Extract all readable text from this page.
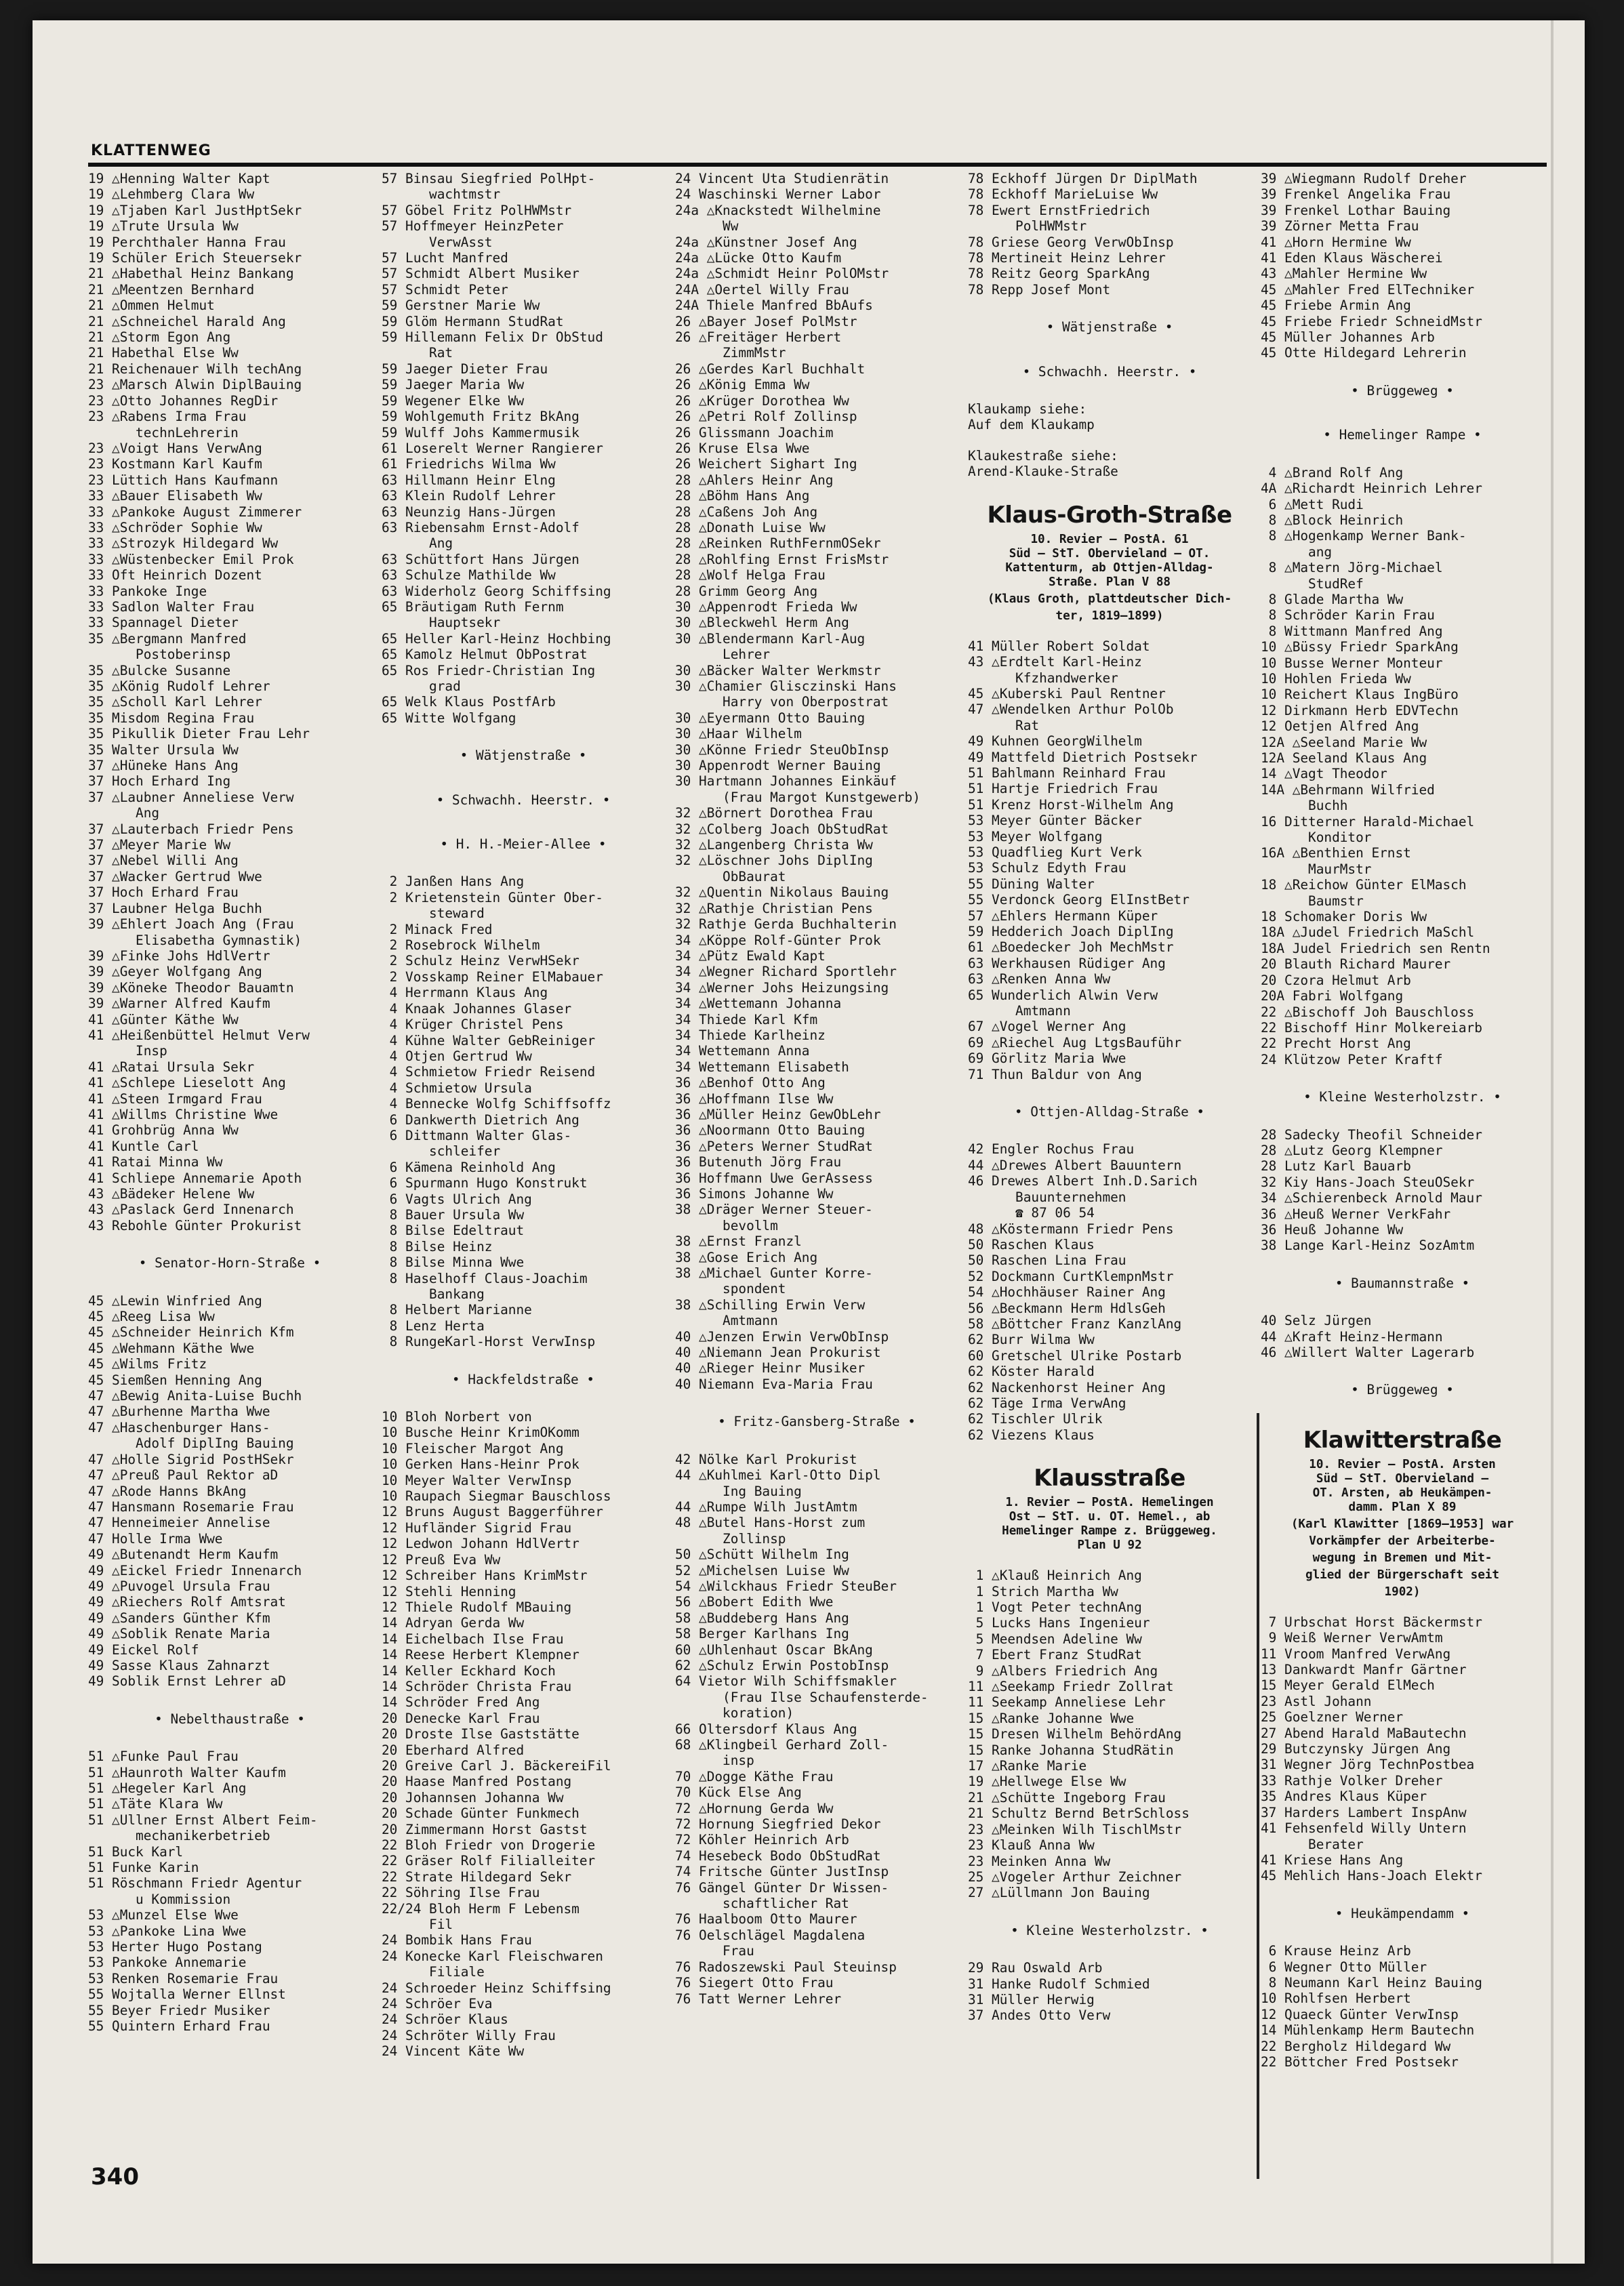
KLATTENWEG
19 △Henning Walter Kapt
19 △Lehmberg Clara Ww
19 △Tjaben Karl JustHptSekr
19 △Trute Ursula Ww
19 Perchthaler Hanna Frau
19 Schüler Erich Steuersekr
21 △Habethal Heinz Bankang
21 △Meentzen Bernhard
21 △Ommen Helmut
21 △Schneichel Harald Ang
21 △Storm Egon Ang
21 Habethal Else Ww
21 Reichenauer Wilh techAng
23 △Marsch Alwin DiplBauing
23 △Otto Johannes RegDir
23 △Rabens Irma Frau
technLehrerin
23 △Voigt Hans VerwAng
23 Kostmann Karl Kaufm
23 Lüttich Hans Kaufmann
33 △Bauer Elisabeth Ww
33 △Pankoke August Zimmerer
33 △Schröder Sophie Ww
33 △Strozyk Hildegard Ww
33 △Wüstenbecker Emil Prok
33 Oft Heinrich Dozent
33 Pankoke Inge
33 Sadlon Walter Frau
33 Spannagel Dieter
35 △Bergmann Manfred
Postoberinsp
35 △Bulcke Susanne
35 △König Rudolf Lehrer
35 △Scholl Karl Lehrer
35 Misdom Regina Frau
35 Pikullik Dieter Frau Lehr
35 Walter Ursula Ww
37 △Hüneke Hans Ang
37 Hoch Erhard Ing
37 △Laubner Anneliese Verw
Ang
37 △Lauterbach Friedr Pens
37 △Meyer Marie Ww
37 △Nebel Willi Ang
37 △Wacker Gertrud Wwe
37 Hoch Erhard Frau
37 Laubner Helga Buchh
39 △Ehlert Joach Ang (Frau
Elisabetha Gymnastik)
39 △Finke Johs HdlVertr
39 △Geyer Wolfgang Ang
39 △Köneke Theodor Bauamtn
39 △Warner Alfred Kaufm
41 △Günter Käthe Ww
41 △Heißenbüttel Helmut Verw
Insp
41 △Ratai Ursula Sekr
41 △Schlepe Lieselott Ang
41 △Steen Irmgard Frau
41 △Willms Christine Wwe
41 Grohbrüg Anna Ww
41 Kuntle Carl
41 Ratai Minna Ww
41 Schliepe Annemarie Apoth
43 △Bädeker Helene Ww
43 △Paslack Gerd Innenarch
43 Rebohle Günter Prokurist
• Senator-Horn-Straße •
45 △Lewin Winfried Ang
45 △Reeg Lisa Ww
45 △Schneider Heinrich Kfm
45 △Wehmann Käthe Wwe
45 △Wilms Fritz
45 Siemßen Henning Ang
47 △Bewig Anita-Luise Buchh
47 △Burhenne Martha Wwe
47 △Haschenburger Hans-
Adolf DiplIng Bauing
47 △Holle Sigrid PostHSekr
47 △Preuß Paul Rektor aD
47 △Rode Hanns BkAng
47 Hansmann Rosemarie Frau
47 Henneimeier Annelise
47 Holle Irma Wwe
49 △Butenandt Herm Kaufm
49 △Eickel Friedr Innenarch
49 △Puvogel Ursula Frau
49 △Riechers Rolf Amtsrat
49 △Sanders Günther Kfm
49 △Soblik Renate Maria
49 Eickel Rolf
49 Sasse Klaus Zahnarzt
49 Soblik Ernst Lehrer aD
• Nebelthaustraße •
51 △Funke Paul Frau
51 △Haunroth Walter Kaufm
51 △Hegeler Karl Ang
51 △Täte Klara Ww
51 △Ullner Ernst Albert Feim-
mechanikerbetrieb
51 Buck Karl
51 Funke Karin
51 Röschmann Friedr Agentur
u Kommission
53 △Munzel Else Wwe
53 △Pankoke Lina Wwe
53 Herter Hugo Postang
53 Pankoke Annemarie
53 Renken Rosemarie Frau
55 Wojtalla Werner Ellnst
55 Beyer Friedr Musiker
55 Quintern Erhard Frau
57 Binsau Siegfried PolHpt-
wachtmstr
57 Göbel Fritz PolHWMstr
57 Hoffmeyer HeinzPeter
VerwAsst
57 Lucht Manfred
57 Schmidt Albert Musiker
57 Schmidt Peter
59 Gerstner Marie Ww
59 Glöm Hermann StudRat
59 Hillemann Felix Dr ObStud
Rat
59 Jaeger Dieter Frau
59 Jaeger Maria Ww
59 Wegener Elke Ww
59 Wohlgemuth Fritz BkAng
59 Wulff Johs Kammermusik
61 Loserelt Werner Rangierer
61 Friedrichs Wilma Ww
63 Hillmann Heinr Elng
63 Klein Rudolf Lehrer
63 Neunzig Hans-Jürgen
63 Riebensahm Ernst-Adolf
Ang
63 Schüttfort Hans Jürgen
63 Schulze Mathilde Ww
63 Widerholz Georg Schiffsing
65 Bräutigam Ruth Fernm
Hauptsekr
65 Heller Karl-Heinz Hochbing
65 Kamolz Helmut ObPostrat
65 Ros Friedr-Christian Ing
grad
65 Welk Klaus PostfArb
65 Witte Wolfgang
• Wätjenstraße •
• Schwachh. Heerstr. •
• H. H.-Meier-Allee •
2 Janßen Hans Ang
2 Krietenstein Günter Ober-
steward
2 Minack Fred
2 Rosebrock Wilhelm
2 Schulz Heinz VerwHSekr
2 Vosskamp Reiner ElMabauer
4 Herrmann Klaus Ang
4 Knaak Johannes Glaser
4 Krüger Christel Pens
4 Kühne Walter GebReiniger
4 Otjen Gertrud Ww
4 Schmietow Friedr Reisend
4 Schmietow Ursula
4 Bennecke Wolfg Schiffsoffz
6 Dankwerth Dietrich Ang
6 Dittmann Walter Glas-
schleifer
6 Kämena Reinhold Ang
6 Spurmann Hugo Konstrukt
6 Vagts Ulrich Ang
8 Bauer Ursula Ww
8 Bilse Edeltraut
8 Bilse Heinz
8 Bilse Minna Wwe
8 Haselhoff Claus-Joachim
Bankang
8 Helbert Marianne
8 Lenz Herta
8 RungeKarl-Horst VerwInsp
• Hackfeldstraße •
10 Bloh Norbert von
10 Busche Heinr KrimOKomm
10 Fleischer Margot Ang
10 Gerken Hans-Heinr Prok
10 Meyer Walter VerwInsp
10 Raupach Siegmar Bauschloss
12 Bruns August Baggerführer
12 Hufländer Sigrid Frau
12 Ledwon Johann HdlVertr
12 Preuß Eva Ww
12 Schreiber Hans KrimMstr
12 Stehli Henning
12 Thiele Rudolf MBauing
14 Adryan Gerda Ww
14 Eichelbach Ilse Frau
14 Reese Herbert Klempner
14 Keller Eckhard Koch
14 Schröder Christa Frau
14 Schröder Fred Ang
20 Denecke Karl Frau
20 Droste Ilse Gaststätte
20 Eberhard Alfred
20 Greive Carl J. BäckereiFil
20 Haase Manfred Postang
20 Johannsen Johanna Ww
20 Schade Günter Funkmech
20 Zimmermann Horst Gastst
22 Bloh Friedr von Drogerie
22 Gräser Rolf Filialleiter
22 Strate Hildegard Sekr
22 Söhring Ilse Frau
22/24 Bloh Herm F Lebensm
Fil
24 Bombik Hans Frau
24 Konecke Karl Fleischwaren
Filiale
24 Schroeder Heinz Schiffsing
24 Schröer Eva
24 Schröer Klaus
24 Schröter Willy Frau
24 Vincent Käte Ww
24 Vincent Uta Studienrätin
24 Waschinski Werner Labor
24a △Knackstedt Wilhelmine
Ww
24a △Künstner Josef Ang
24a △Lücke Otto Kaufm
24a △Schmidt Heinr PolOMstr
24A △Oertel Willy Frau
24A Thiele Manfred BbAufs
26 △Bayer Josef PolMstr
26 △Freitäger Herbert
ZimmMstr
26 △Gerdes Karl Buchhalt
26 △König Emma Ww
26 △Krüger Dorothea Ww
26 △Petri Rolf Zollinsp
26 Glissmann Joachim
26 Kruse Elsa Wwe
26 Weichert Sighart Ing
28 △Ahlers Heinr Ang
28 △Böhm Hans Ang
28 △Caßens Joh Ang
28 △Donath Luise Ww
28 △Reinken RuthFernmOSekr
28 △Rohlfing Ernst FrisMstr
28 △Wolf Helga Frau
28 Grimm Georg Ang
30 △Appenrodt Frieda Ww
30 △Bleckwehl Herm Ang
30 △Blendermann Karl-Aug
Lehrer
30 △Bäcker Walter Werkmstr
30 △Chamier Glisczinski Hans
Harry von Oberpostrat
30 △Eyermann Otto Bauing
30 △Haar Wilhelm
30 △Könne Friedr SteuObInsp
30 Appenrodt Werner Bauing
30 Hartmann Johannes Einkäuf
(Frau Margot Kunstgewerb)
32 △Börnert Dorothea Frau
32 △Colberg Joach ObStudRat
32 △Langenberg Christa Ww
32 △Löschner Johs DiplIng
ObBaurat
32 △Quentin Nikolaus Bauing
32 △Rathje Christian Pens
32 Rathje Gerda Buchhalterin
34 △Köppe Rolf-Günter Prok
34 △Pütz Ewald Kapt
34 △Wegner Richard Sportlehr
34 △Werner Johs Heizungsing
34 △Wettemann Johanna
34 Thiede Karl Kfm
34 Thiede Karlheinz
34 Wettemann Anna
34 Wettemann Elisabeth
36 △Benhof Otto Ang
36 △Hoffmann Ilse Ww
36 △Müller Heinz GewObLehr
36 △Noormann Otto Bauing
36 △Peters Werner StudRat
36 Butenuth Jörg Frau
36 Hoffmann Uwe GerAssess
36 Simons Johanne Ww
38 △Dräger Werner Steuer-
bevollm
38 △Ernst Franzl
38 △Gose Erich Ang
38 △Michael Gunter Korre-
spondent
38 △Schilling Erwin Verw
Amtmann
40 △Jenzen Erwin VerwObInsp
40 △Niemann Jean Prokurist
40 △Rieger Heinr Musiker
40 Niemann Eva-Maria Frau
• Fritz-Gansberg-Straße •
42 Nölke Karl Prokurist
44 △Kuhlmei Karl-Otto Dipl
Ing Bauing
44 △Rumpe Wilh JustAmtm
48 △Butel Hans-Horst zum
Zollinsp
50 △Schütt Wilhelm Ing
52 △Michelsen Luise Ww
54 △Wilckhaus Friedr SteuBer
56 △Bobert Edith Wwe
58 △Buddeberg Hans Ang
58 Berger Karlhans Ing
60 △Uhlenhaut Oscar BkAng
62 △Schulz Erwin PostobInsp
64 Vietor Wilh Schiffsmakler
(Frau Ilse Schaufensterde-
koration)
66 Oltersdorf Klaus Ang
68 △Klingbeil Gerhard Zoll-
insp
70 △Dogge Käthe Frau
70 Kück Else Ang
72 △Hornung Gerda Ww
72 Hornung Siegfried Dekor
72 Köhler Heinrich Arb
74 Hesebeck Bodo ObStudRat
74 Fritsche Günter JustInsp
76 Gängel Günter Dr Wissen-
schaftlicher Rat
76 Haalboom Otto Maurer
76 Oelschlägel Magdalena
Frau
76 Radoszewski Paul Steuinsp
76 Siegert Otto Frau
76 Tatt Werner Lehrer
78 Eckhoff Jürgen Dr DiplMath
78 Eckhoff MarieLuise Ww
78 Ewert ErnstFriedrich
PolHWMstr
78 Griese Georg VerwObInsp
78 Mertineit Heinz Lehrer
78 Reitz Georg SparkAng
78 Repp Josef Mont
• Wätjenstraße •
• Schwachh. Heerstr. •
Klaukamp siehe:
Auf dem Klaukamp
Klaukestraße siehe:
Arend-Klauke-Straße
Klaus-Groth-Straße
10. Revier — PostA. 61
Süd — StT. Obervieland — OT.
Kattenturm, ab Ottjen-Alldag-
Straße. Plan V 88
(Klaus Groth, plattdeutscher Dich-
ter, 1819—1899)
41 Müller Robert Soldat
43 △Erdtelt Karl-Heinz
Kfzhandwerker
45 △Kuberski Paul Rentner
47 △Wendelken Arthur PolOb
Rat
49 Kuhnen GeorgWilhelm
49 Mattfeld Dietrich Postsekr
51 Bahlmann Reinhard Frau
51 Hartje Friedrich Frau
51 Krenz Horst-Wilhelm Ang
53 Meyer Günter Bäcker
53 Meyer Wolfgang
53 Quadflieg Kurt Verk
53 Schulz Edyth Frau
55 Düning Walter
55 Verdonck Georg ElInstBetr
57 △Ehlers Hermann Küper
59 Hedderich Joach DiplIng
61 △Boedecker Joh MechMstr
63 Werkhausen Rüdiger Ang
63 △Renken Anna Ww
65 Wunderlich Alwin Verw
Amtmann
67 △Vogel Werner Ang
69 △Riechel Aug LtgsBauführ
69 Görlitz Maria Wwe
71 Thun Baldur von Ang
• Ottjen-Alldag-Straße •
42 Engler Rochus Frau
44 △Drewes Albert Bauuntern
46 Drewes Albert Inh.D.Sarich
Bauunternehmen
☎ 87 06 54
48 △Köstermann Friedr Pens
50 Raschen Klaus
50 Raschen Lina Frau
52 Dockmann CurtKlempnMstr
54 △Hochhäuser Rainer Ang
56 △Beckmann Herm HdlsGeh
58 △Böttcher Franz KanzlAng
62 Burr Wilma Ww
60 Gretschel Ulrike Postarb
62 Köster Harald
62 Nackenhorst Heiner Ang
62 Täge Irma VerwAng
62 Tischler Ulrik
62 Viezens Klaus
Klausstraße
1. Revier — PostA. Hemelingen
Ost — StT. u. OT. Hemel., ab
Hemelinger Rampe z. Brüggeweg.
Plan U 92
1 △Klauß Heinrich Ang
1 Strich Martha Ww
1 Vogt Peter technAng
5 Lucks Hans Ingenieur
5 Meendsen Adeline Ww
7 Ebert Franz StudRat
9 △Albers Friedrich Ang
11 △Seekamp Friedr Zollrat
11 Seekamp Anneliese Lehr
15 △Ranke Johanne Wwe
15 Dresen Wilhelm BehördAng
15 Ranke Johanna StudRätin
17 △Ranke Marie
19 △Hellwege Else Ww
21 △Schütte Ingeborg Frau
21 Schultz Bernd BetrSchloss
23 △Meinken Wilh TischlMstr
23 Klauß Anna Ww
23 Meinken Anna Ww
25 △Vogeler Arthur Zeichner
27 △Lüllmann Jon Bauing
• Kleine Westerholzstr. •
29 Rau Oswald Arb
31 Hanke Rudolf Schmied
31 Müller Herwig
37 Andes Otto Verw
39 △Wiegmann Rudolf Dreher
39 Frenkel Angelika Frau
39 Frenkel Lothar Bauing
39 Zörner Metta Frau
41 △Horn Hermine Ww
41 Eden Klaus Wäscherei
43 △Mahler Hermine Ww
45 △Mahler Fred ElTechniker
45 Friebe Armin Ang
45 Friebe Friedr SchneidMstr
45 Müller Johannes Arb
45 Otte Hildegard Lehrerin
• Brüggeweg •
• Hemelinger Rampe •
4 △Brand Rolf Ang
4A △Richardt Heinrich Lehrer
6 △Mett Rudi
8 △Block Heinrich
8 △Hogenkamp Werner Bank-
ang
8 △Matern Jörg-Michael
StudRef
8 Glade Martha Ww
8 Schröder Karin Frau
8 Wittmann Manfred Ang
10 △Büssy Friedr SparkAng
10 Busse Werner Monteur
10 Hohlen Frieda Ww
10 Reichert Klaus IngBüro
12 Dirkmann Herb EDVTechn
12 Oetjen Alfred Ang
12A △Seeland Marie Ww
12A Seeland Klaus Ang
14 △Vagt Theodor
14A △Behrmann Wilfried
Buchh
16 Ditterner Harald-Michael
Konditor
16A △Benthien Ernst
MaurMstr
18 △Reichow Günter ElMasch
Baumstr
18 Schomaker Doris Ww
18A △Judel Friedrich MaSchl
18A Judel Friedrich sen Rentn
20 Blauth Richard Maurer
20 Czora Helmut Arb
20A Fabri Wolfgang
22 △Bischoff Joh Bauschloss
22 Bischoff Hinr Molkereiarb
22 Precht Horst Ang
24 Klützow Peter Kraftf
• Kleine Westerholzstr. •
28 Sadecky Theofil Schneider
28 △Lutz Georg Klempner
28 Lutz Karl Bauarb
32 Kiy Hans-Joach SteuOSekr
34 △Schierenbeck Arnold Maur
36 △Heuß Werner VerkFahr
36 Heuß Johanne Ww
38 Lange Karl-Heinz SozAmtm
• Baumannstraße •
40 Selz Jürgen
44 △Kraft Heinz-Hermann
46 △Willert Walter Lagerarb
• Brüggeweg •
Klawitterstraße
10. Revier — PostA. Arsten
Süd — StT. Obervieland —
OT. Arsten, ab Heukämpen-
damm. Plan X 89
(Karl Klawitter [1869—1953] war
Vorkämpfer der Arbeiterbe-
wegung in Bremen und Mit-
glied der Bürgerschaft seit
1902)
7 Urbschat Horst Bäckermstr
9 Weiß Werner VerwAmtm
11 Vroom Manfred VerwAng
13 Dankwardt Manfr Gärtner
15 Meyer Gerald ElMech
23 Astl Johann
25 Goelzner Werner
27 Abend Harald MaBautechn
29 Butczynsky Jürgen Ang
31 Wegner Jörg TechnPostbea
33 Rathje Volker Dreher
35 Andres Klaus Küper
37 Harders Lambert InspAnw
41 Fehsenfeld Willy Untern
Berater
41 Kriese Hans Ang
45 Mehlich Hans-Joach Elektr
• Heukämpendamm •
6 Krause Heinz Arb
6 Wegner Otto Müller
8 Neumann Karl Heinz Bauing
10 Rohlfsen Herbert
12 Quaeck Günter VerwInsp
14 Mühlenkamp Herm Bautechn
22 Bergholz Hildegard Ww
22 Böttcher Fred Postsekr
340
